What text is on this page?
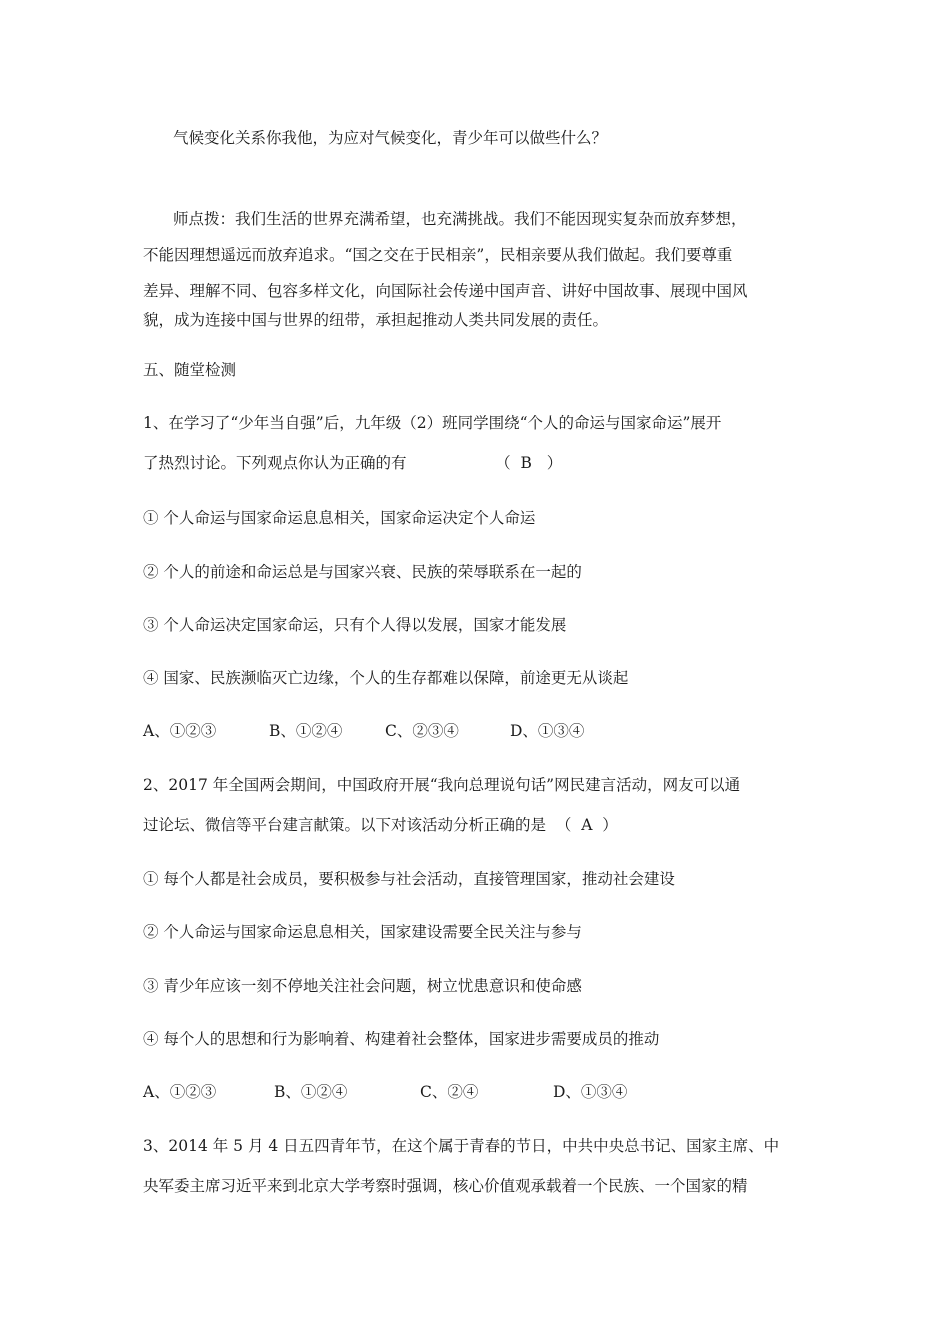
气候变化关系你我他，为应对气候变化，青少年可以做些什么？
师点拨：我们生活的世界充满希望，也充满挑战。我们不能因现实复杂而放弃梦想，
不能因理想遥远而放弃追求。“国之交在于民相亲”，民相亲要从我们做起。我们要尊重
差异、理解不同、包容多样文化，向国际社会传递中国声音、讲好中国故事、展现中国风
貌，成为连接中国与世界的纽带，承担起推动人类共同发展的责任。
五、随堂检测
1、在学习了“少年当自强”后，九年级（2）班同学围绕“个人的命运与国家命运”展开
了热烈讨论。下列观点你认为正确的有                  （  B   ）
① 个人命运与国家命运息息相关，国家命运决定个人命运
② 个人的前途和命运总是与国家兴衰、民族的荣辱联系在一起的
③ 个人命运决定国家命运，只有个人得以发展，国家才能发展
④ 国家、民族濒临灭亡边缘，个人的生存都难以保障，前途更无从谈起
A、①②③	B、①②④	C、②③④	D、①③④
2、2017 年全国两会期间，中国政府开展“我向总理说句话”网民建言活动，网友可以通
过论坛、微信等平台建言献策。以下对该活动分析正确的是  （  A  ）
① 每个人都是社会成员，要积极参与社会活动，直接管理国家，推动社会建设
② 个人命运与国家命运息息相关，国家建设需要全民关注与参与
③ 青少年应该一刻不停地关注社会问题，树立忧患意识和使命感
④ 每个人的思想和行为影响着、构建着社会整体，国家进步需要成员的推动
A、①②③	B、①②④	C、②④	D、①③④
3、2014 年 5 月 4 日五四青年节，在这个属于青春的节日，中共中央总书记、国家主席、中
央军委主席习近平来到北京大学考察时强调，核心价值观承载着一个民族、一个国家的精
